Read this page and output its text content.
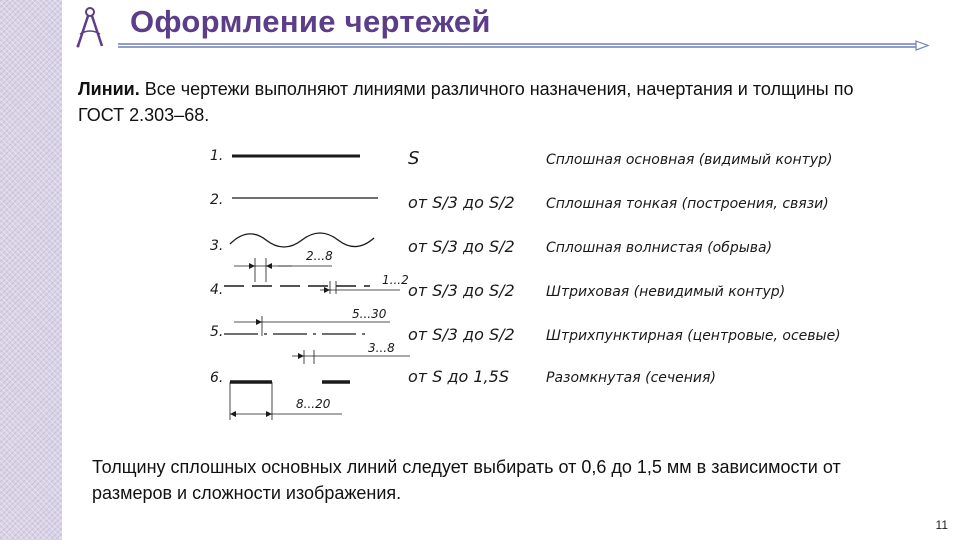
Оформление чертежей
Линии. Все чертежи выполняют линиями различного назначения, начертания и толщины по ГОСТ 2.303–68.
1.
2.
3.
4.
5.
6.
2...8
1...2
5...30
3...8
8...20
S
от S/3 до S/2
от S/3 до S/2
от S/3 до S/2
от S/3 до S/2
от S до 1,5S
Сплошная основная (видимый контур)
Сплошная тонкая (построения, связи)
Сплошная волнистая (обрыва)
Штриховая (невидимый контур)
Штрихпунктирная (центровые, осевые)
Разомкнутая (сечения)
Толщину сплошных основных линий следует выбирать от 0,6 до 1,5 мм в зависимости от размеров и сложности изображения.
11
